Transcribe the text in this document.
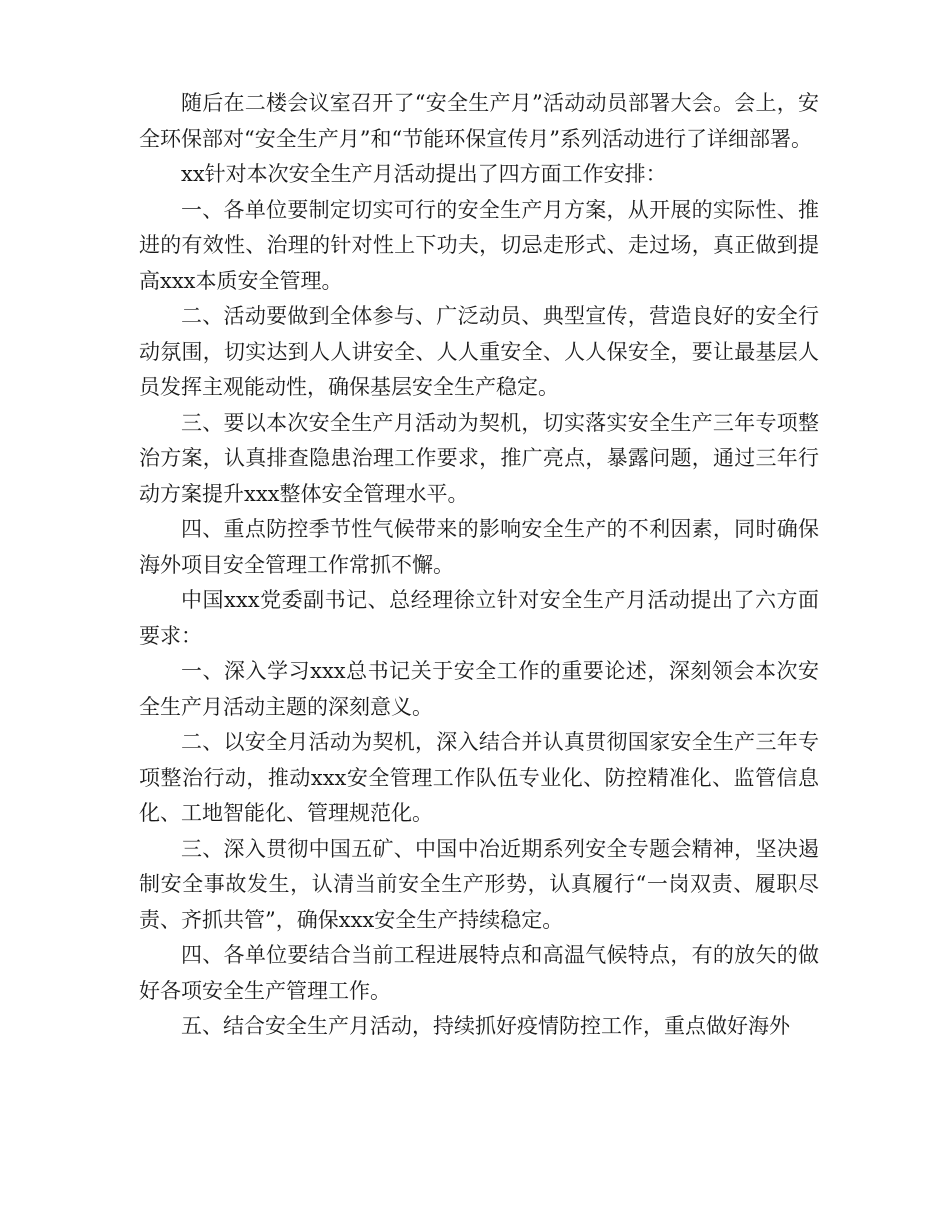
随后在二楼会议室召开了“安全生产月”活动动员部署大会。会上，安全环保部对“安全生产月”和“节能环保宣传月”系列活动进行了详细部署。

xx针对本次安全生产月活动提出了四方面工作安排：

一、各单位要制定切实可行的安全生产月方案，从开展的实际性、推进的有效性、治理的针对性上下功夫，切忌走形式、走过场，真正做到提高xxx本质安全管理。

二、活动要做到全体参与、广泛动员、典型宣传，营造良好的安全行动氛围，切实达到人人讲安全、人人重安全、人人保安全，要让最基层人员发挥主观能动性，确保基层安全生产稳定。

三、要以本次安全生产月活动为契机，切实落实安全生产三年专项整治方案，认真排查隐患治理工作要求，推广亮点，暴露问题，通过三年行动方案提升xxx整体安全管理水平。

四、重点防控季节性气候带来的影响安全生产的不利因素，同时确保海外项目安全管理工作常抓不懈。

中国xxx党委副书记、总经理徐立针对安全生产月活动提出了六方面要求：

一、深入学习xxx总书记关于安全工作的重要论述，深刻领会本次安全生产月活动主题的深刻意义。

二、以安全月活动为契机，深入结合并认真贯彻国家安全生产三年专项整治行动，推动xxx安全管理工作队伍专业化、防控精准化、监管信息化、工地智能化、管理规范化。

三、深入贯彻中国五矿、中国中冶近期系列安全专题会精神，坚决遏制安全事故发生，认清当前安全生产形势，认真履行“一岗双责、履职尽责、齐抓共管”，确保xxx安全生产持续稳定。

四、各单位要结合当前工程进展特点和高温气候特点，有的放矢的做好各项安全生产管理工作。

五、结合安全生产月活动，持续抓好疫情防控工作，重点做好海外
